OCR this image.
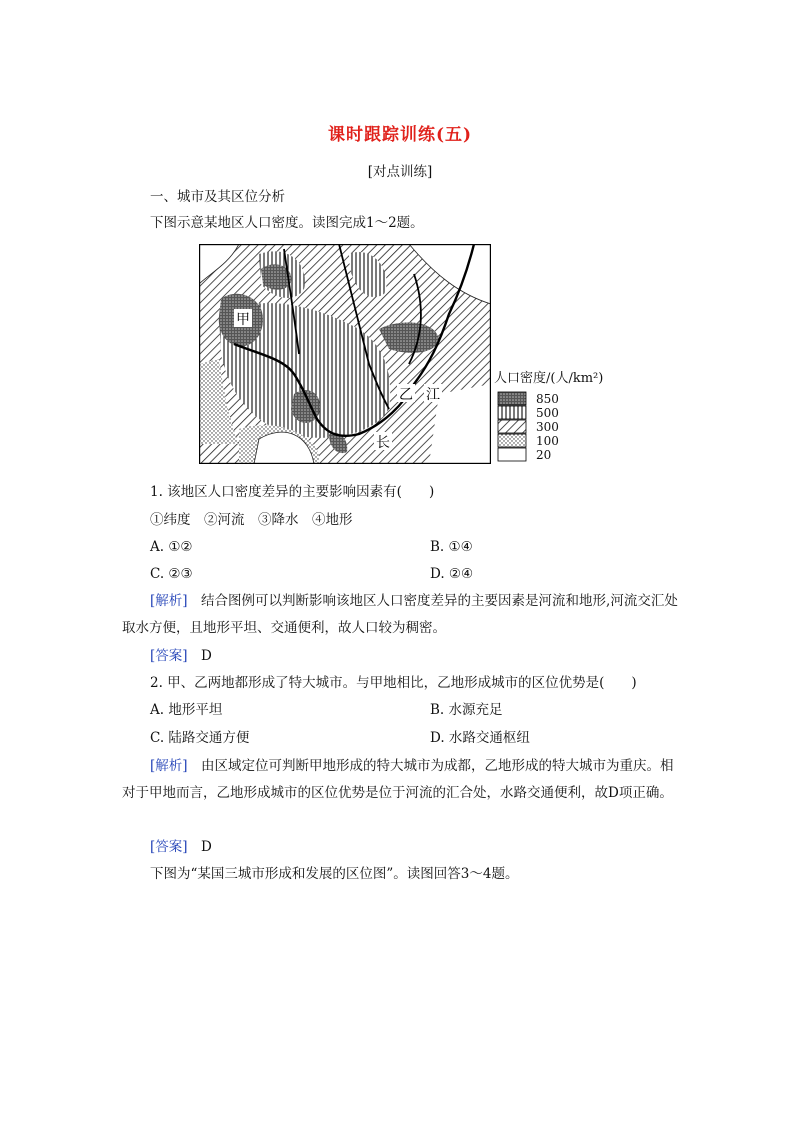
课时跟踪训练(五)
[对点训练]
一、城市及其区位分析
下图示意某地区人口密度。读图完成1～2题。
甲
乙 江
长
人口密度/(人/km²)
850
500
300
100
20
1. 该地区人口密度差异的主要影响因素有(　　)
①纬度　②河流　③降水　④地形
A. ①②	B. ①④
C. ②③	D. ②④
[解析]　 结合图例可以判断影响该地区人口密度差异的主要因素是河流和地形,河流交汇处取水方便，且地形平坦、交通便利，故人口较为稠密。
[答案]　 D
2. 甲、乙两地都形成了特大城市。与甲地相比，乙地形成城市的区位优势是(　　)
A. 地形平坦	B. 水源充足
C. 陆路交通方便	D. 水路交通枢纽
[解析]　 由区域定位可判断甲地形成的特大城市为成都，乙地形成的特大城市为重庆。相对于甲地而言，乙地形成城市的区位优势是位于河流的汇合处，水路交通便利，故D项正确。
[答案]　 D
下图为“某国三城市形成和发展的区位图”。读图回答3～4题。
